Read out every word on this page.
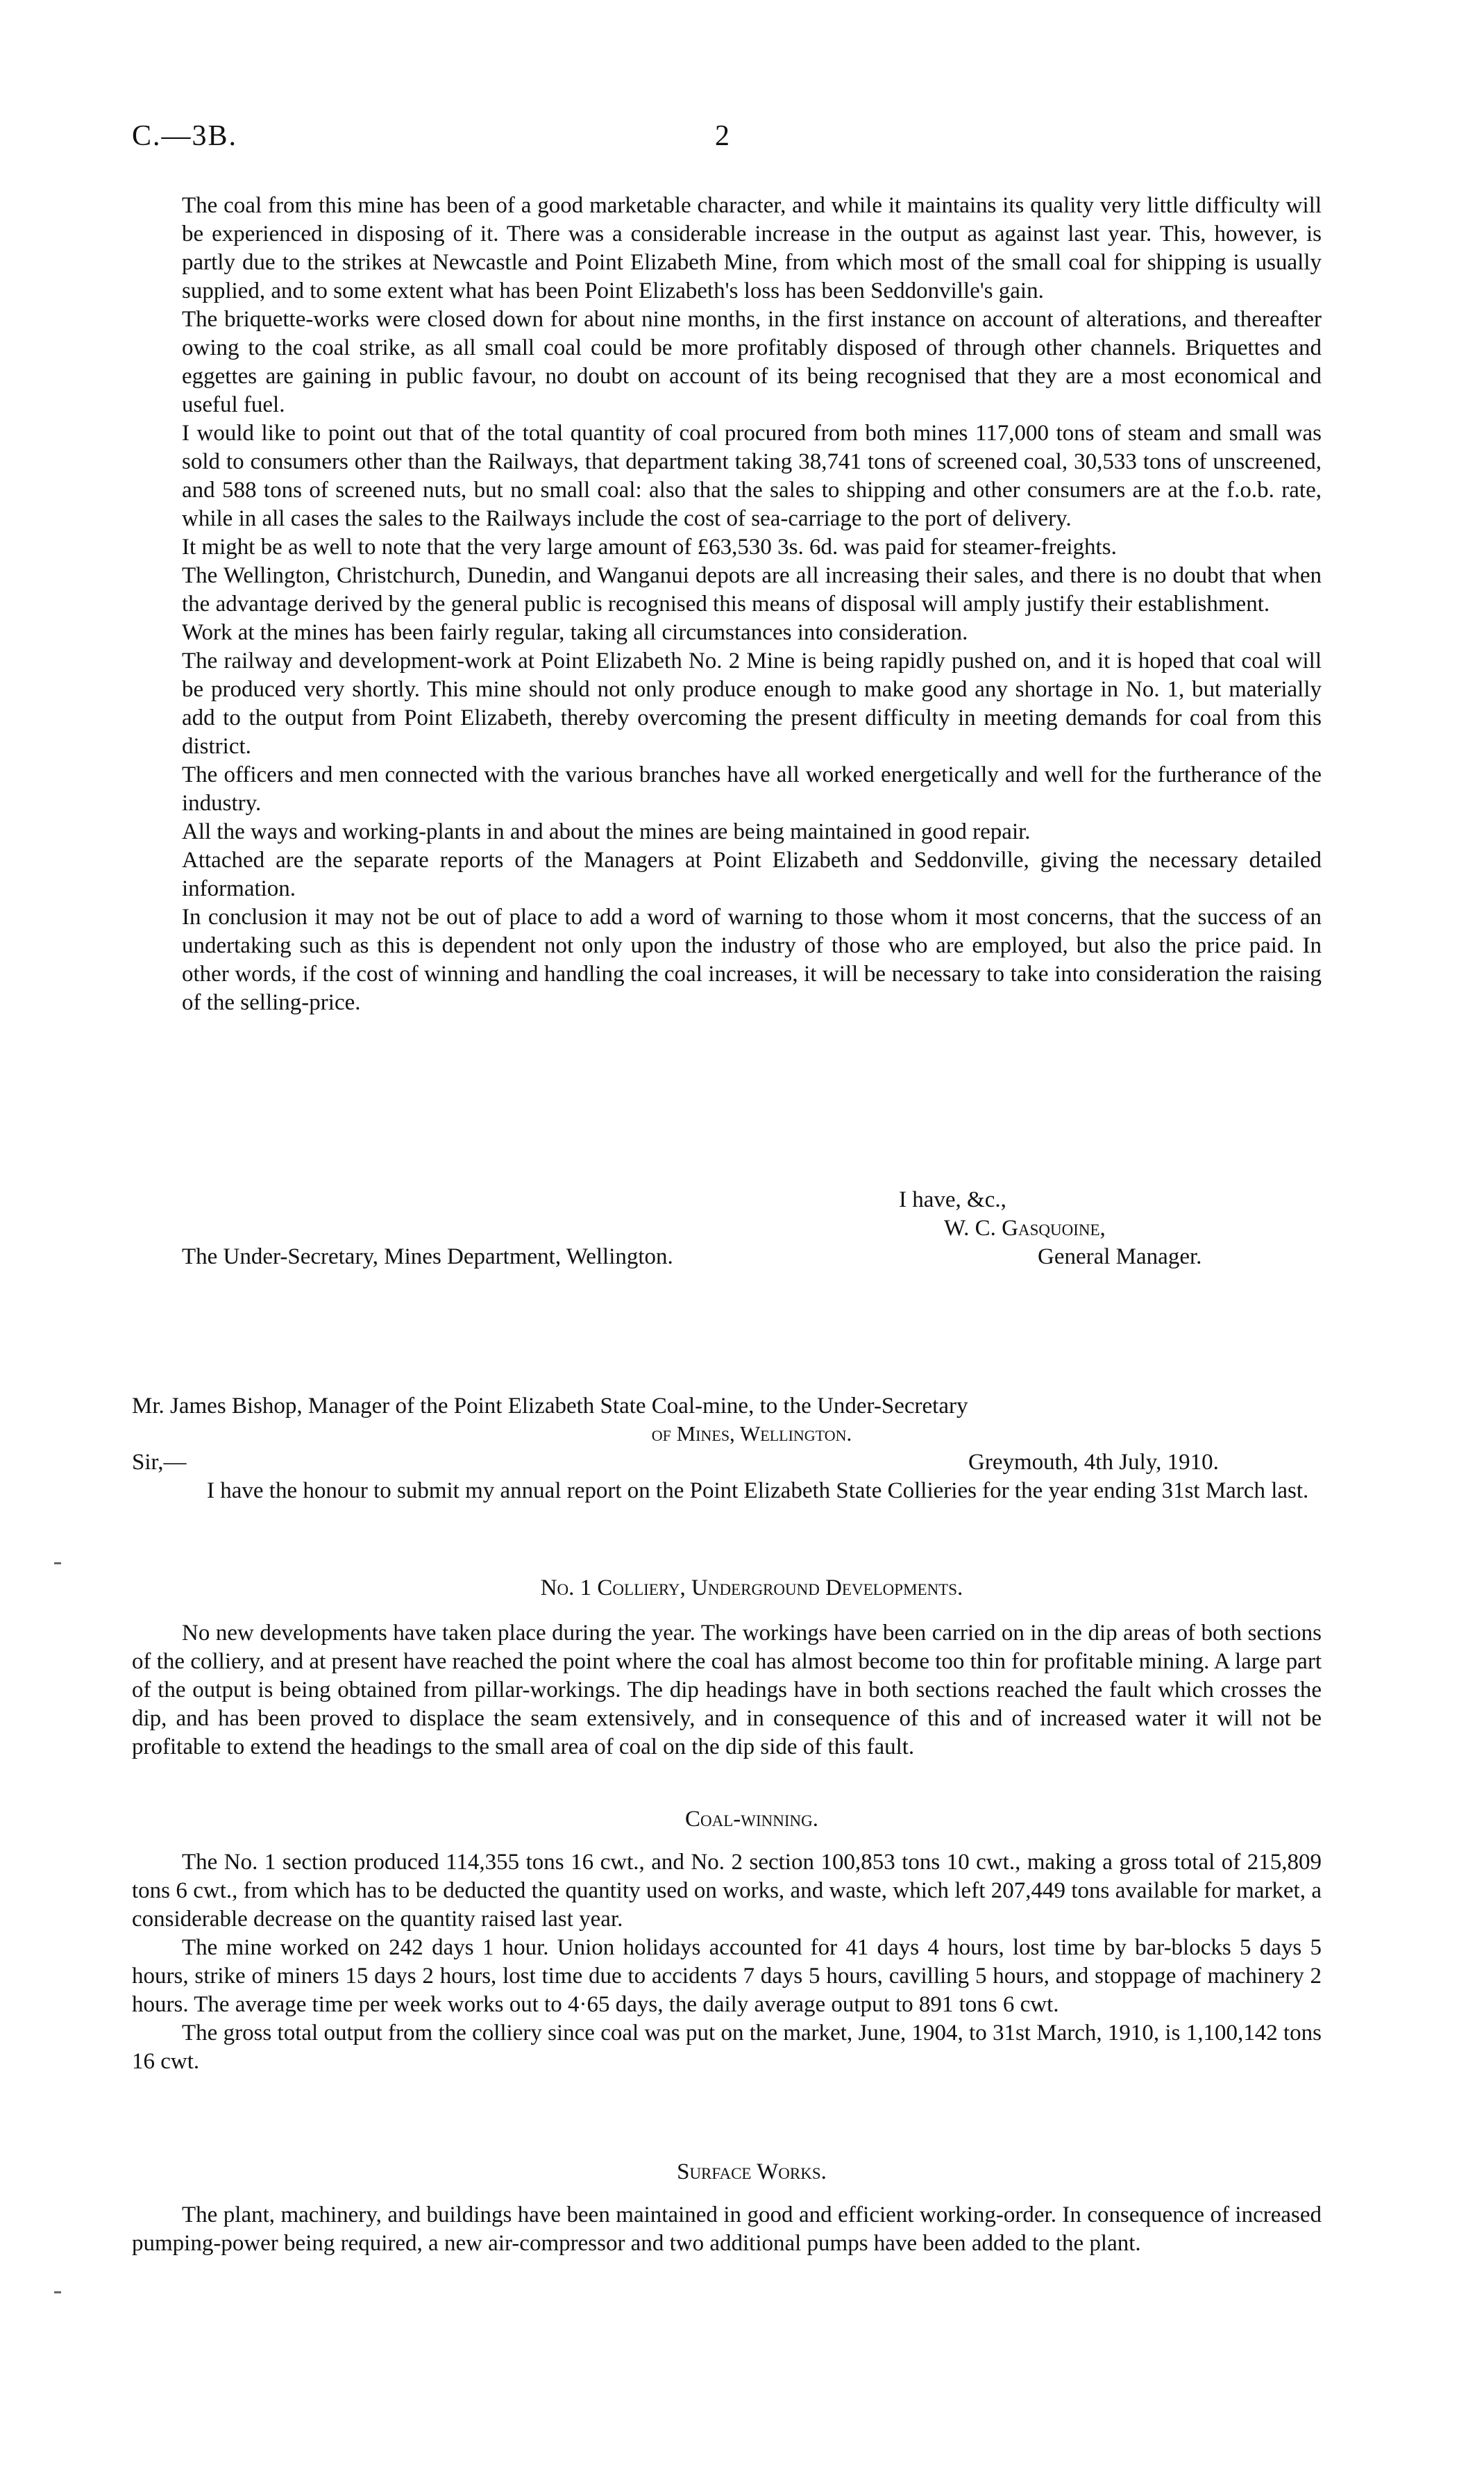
C.—3B.	2

The coal from this mine has been of a good marketable character, and while it maintains its quality very little difficulty will be experienced in disposing of it. There was a considerable increase in the output as against last year. This, however, is partly due to the strikes at Newcastle and Point Elizabeth Mine, from which most of the small coal for shipping is usually supplied, and to some extent what has been Point Elizabeth's loss has been Seddonville's gain.

The briquette-works were closed down for about nine months, in the first instance on account of alterations, and thereafter owing to the coal strike, as all small coal could be more profitably disposed of through other channels. Briquettes and eggettes are gaining in public favour, no doubt on account of its being recognised that they are a most economical and useful fuel.

I would like to point out that of the total quantity of coal procured from both mines 117,000 tons of steam and small was sold to consumers other than the Railways, that department taking 38,741 tons of screened coal, 30,533 tons of unscreened, and 588 tons of screened nuts, but no small coal: also that the sales to shipping and other consumers are at the f.o.b. rate, while in all cases the sales to the Railways include the cost of sea-carriage to the port of delivery.

It might be as well to note that the very large amount of £63,530 3s. 6d. was paid for steamer-freights.

The Wellington, Christchurch, Dunedin, and Wanganui depots are all increasing their sales, and there is no doubt that when the advantage derived by the general public is recognised this means of disposal will amply justify their establishment.

Work at the mines has been fairly regular, taking all circumstances into consideration.

The railway and development-work at Point Elizabeth No. 2 Mine is being rapidly pushed on, and it is hoped that coal will be produced very shortly. This mine should not only produce enough to make good any shortage in No. 1, but materially add to the output from Point Elizabeth, thereby overcoming the present difficulty in meeting demands for coal from this district.

The officers and men connected with the various branches have all worked energetically and well for the furtherance of the industry.

All the ways and working-plants in and about the mines are being maintained in good repair.

Attached are the separate reports of the Managers at Point Elizabeth and Seddonville, giving the necessary detailed information.

In conclusion it may not be out of place to add a word of warning to those whom it most concerns, that the success of an undertaking such as this is dependent not only upon the industry of those who are employed, but also the price paid. In other words, if the cost of winning and handling the coal increases, it will be necessary to take into consideration the raising of the selling-price.

I have, &c.,
W. C. Gasquoine,
General Manager.
The Under-Secretary, Mines Department, Wellington.
Mr. James Bishop, Manager of the Point Elizabeth State Coal-mine, to the Under-Secretary
of Mines, Wellington.
Sir,—	Greymouth, 4th July, 1910.

I have the honour to submit my annual report on the Point Elizabeth State Collieries for the year ending 31st March last.

No. 1 Colliery, Underground Developments.

No new developments have taken place during the year. The workings have been carried on in the dip areas of both sections of the colliery, and at present have reached the point where the coal has almost become too thin for profitable mining. A large part of the output is being obtained from pillar-workings. The dip headings have in both sections reached the fault which crosses the dip, and has been proved to displace the seam extensively, and in consequence of this and of increased water it will not be profitable to extend the headings to the small area of coal on the dip side of this fault.

Coal-winning.

The No. 1 section produced 114,355 tons 16 cwt., and No. 2 section 100,853 tons 10 cwt., making a gross total of 215,809 tons 6 cwt., from which has to be deducted the quantity used on works, and waste, which left 207,449 tons available for market, a considerable decrease on the quantity raised last year.

The mine worked on 242 days 1 hour. Union holidays accounted for 41 days 4 hours, lost time by bar-blocks 5 days 5 hours, strike of miners 15 days 2 hours, lost time due to accidents 7 days 5 hours, cavilling 5 hours, and stoppage of machinery 2 hours. The average time per week works out to 4·65 days, the daily average output to 891 tons 6 cwt.

The gross total output from the colliery since coal was put on the market, June, 1904, to 31st March, 1910, is 1,100,142 tons 16 cwt.

Surface Works.

The plant, machinery, and buildings have been maintained in good and efficient working-order. In consequence of increased pumping-power being required, a new air-compressor and two additional pumps have been added to the plant.
